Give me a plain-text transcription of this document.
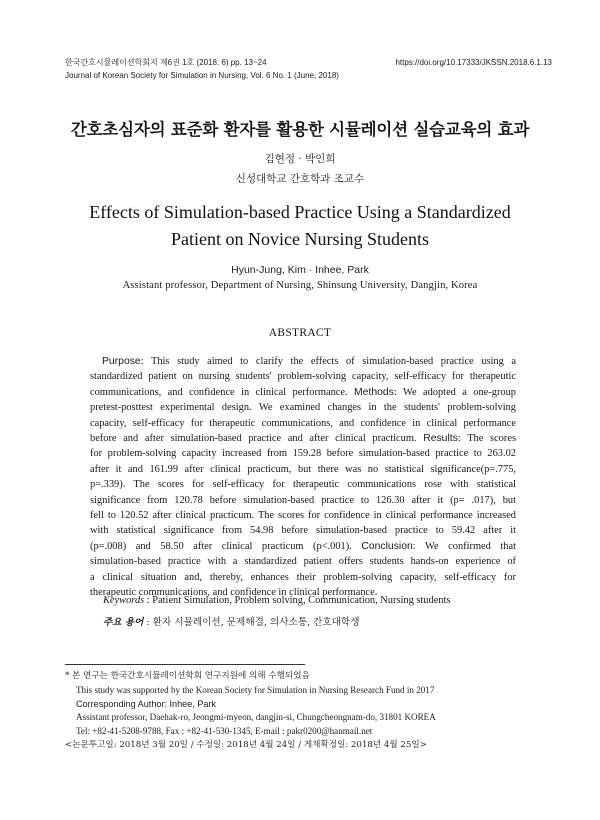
한국간호시뮬레이션학회지 제6권 1호 (2018. 6) pp. 13~24
Journal of Korean Society for Simulation in Nursing, Vol. 6 No. 1 (June, 2018)
https://doi.org/10.17333/JKSSN.2018.6.1.13
간호초심자의 표준화 환자를 활용한 시뮬레이션 실습교육의 효과
김현정 · 박인희
신성대학교 간호학과 조교수
Effects of Simulation-based Practice Using a Standardized
Patient on Novice Nursing Students
Hyun-Jung, Kim · Inhee, Park
Assistant professor, Department of Nursing, Shinsung University, Dangjin, Korea
ABSTRACT
Purpose: This study aimed to clarify the effects of simulation-based practice using a
standardized patient on nursing students' problem-solving capacity, self-efficacy for therapeutic
communications, and confidence in clinical performance. Methods: We adopted a one-group
pretest-posttest experimental design. We examined changes in the students' problem-solving
capacity, self-efficacy for therapeutic communications, and confidence in clinical performance
before and after simulation-based practice and after clinical practicum. Results: The scores
for problem-solving capacity increased from 159.28 before simulation-based practice to 263.02
after it and 161.99 after clinical practicum, but there was no statistical significance(p=.775,
p=.339). The scores for self-efficacy for therapeutic communications rose with statistical
significance from 120.78 before simulation-based practice to 126.30 after it (p= .017), but
fell to 120.52 after clinical practicum. The scores for confidence in clinical performance increased
with statistical significance from 54.98 before simulation-based practice to 59.42 after it
(p=.008) and 58.50 after clinical practicum (p<.001). Conclusion: We confirmed that
simulation-based practice with a standardized patient offers students hands-on experience of
a clinical situation and, thereby, enhances their problem-solving capacity, self-efficacy for
therapeutic communications, and confidence in clinical performance.
Keywords : Patient Simulation, Problem solving, Communication, Nursing students
주요 용어 : 환자 시뮬레이션, 문제해결, 의사소통, 간호대학생
* 본 연구는 한국간호시뮬레이션학회 연구지원에 의해 수행되었음
This study was supported by the Korean Society for Simulation in Nursing Research Fund in 2017
Corresponding Author: Inhee, Park
Assistant professor, Daehak-ro, Jeongmi-myeon, dangjin-si, Chungcheongnam-do, 31801 KOREA
Tel: +82-41-5208-9788, Fax : +82-41-530-1345, E-mail : pakr0200@hanmail.net
<논문투고일: 2018년 3월 20일 / 수정일: 2018년 4월 24일 / 게재확정일: 2018년 4월 25일>
